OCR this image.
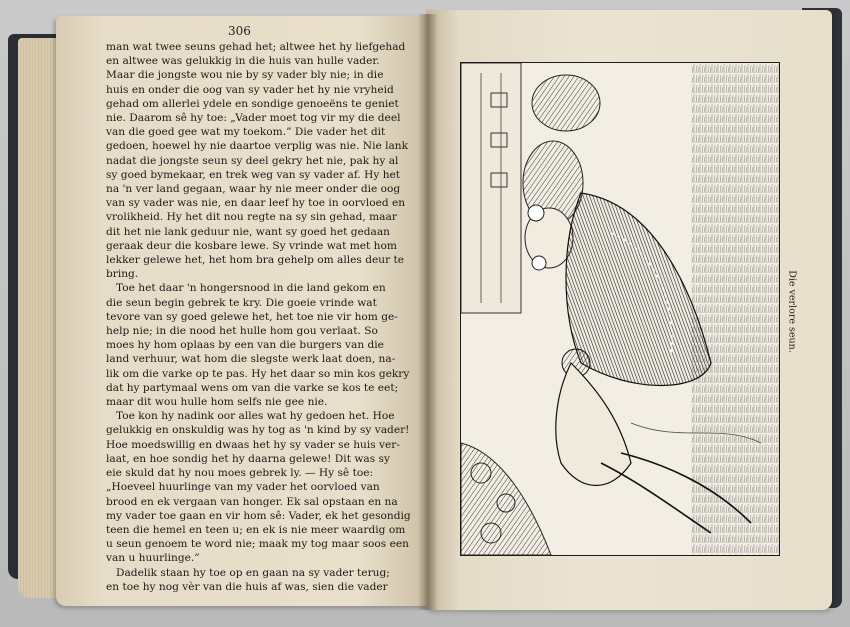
306

man wat twee seuns gehad het; altwee het hy liefgehad

en altwee was gelukkig in die huis van hulle vader.

Maar die jongste wou nie by sy vader bly nie; in die

huis en onder die oog van sy vader het hy nie vryheid

gehad om allerlei ydele en sondige genoeëns te geniet

nie. Daarom sê hy toe: „Vader moet tog vir my die deel

van die goed gee wat my toekom.” Die vader het dit

gedoen, hoewel hy nie daartoe verplig was nie. Nie lank

nadat die jongste seun sy deel gekry het nie, pak hy al

sy goed bymekaar, en trek weg van sy vader af. Hy het

na 'n ver land gegaan, waar hy nie meer onder die oog

van sy vader was nie, en daar leef hy toe in oorvloed en

vrolikheid. Hy het dit nou regte na sy sin gehad, maar

dit het nie lank geduur nie, want sy goed het gedaan

geraak deur die kosbare lewe. Sy vrinde wat met hom

lekker gelewe het, het hom bra gehelp om alles deur te

bring.

Toe het daar 'n hongersnood in die land gekom en

die seun begin gebrek te kry. Die goeie vrinde wat

tevore van sy goed gelewe het, het toe nie vir hom ge-

help nie; in die nood het hulle hom gou verlaat. So

moes hy hom oplaas by een van die burgers van die

land verhuur, wat hom die slegste werk laat doen, na-

lik om die varke op te pas. Hy het daar so min kos gekry

dat hy partymaal wens om van die varke se kos te eet;

maar dit wou hulle hom selfs nie gee nie.

Toe kon hy nadink oor alles wat hy gedoen het. Hoe

gelukkig en onskuldig was hy tog as 'n kind by sy vader!

Hoe moedswillig en dwaas het hy sy vader se huis ver-

laat, en hoe sondig het hy daarna gelewe! Dit was sy

eie skuld dat hy nou moes gebrek ly. — Hy sê toe:

„Hoeveel huurlinge van my vader het oorvloed van

brood en ek vergaan van honger. Ek sal opstaan en na

my vader toe gaan en vir hom sê: Vader, ek het gesondig

teen die hemel en teen u; en ek is nie meer waardig om

u seun genoem te word nie; maak my tog maar soos een

van u huurlinge.”

Dadelik staan hy toe op en gaan na sy vader terug;

en toe hy nog vèr van die huis af was, sien die vader

Die verlore seun.
